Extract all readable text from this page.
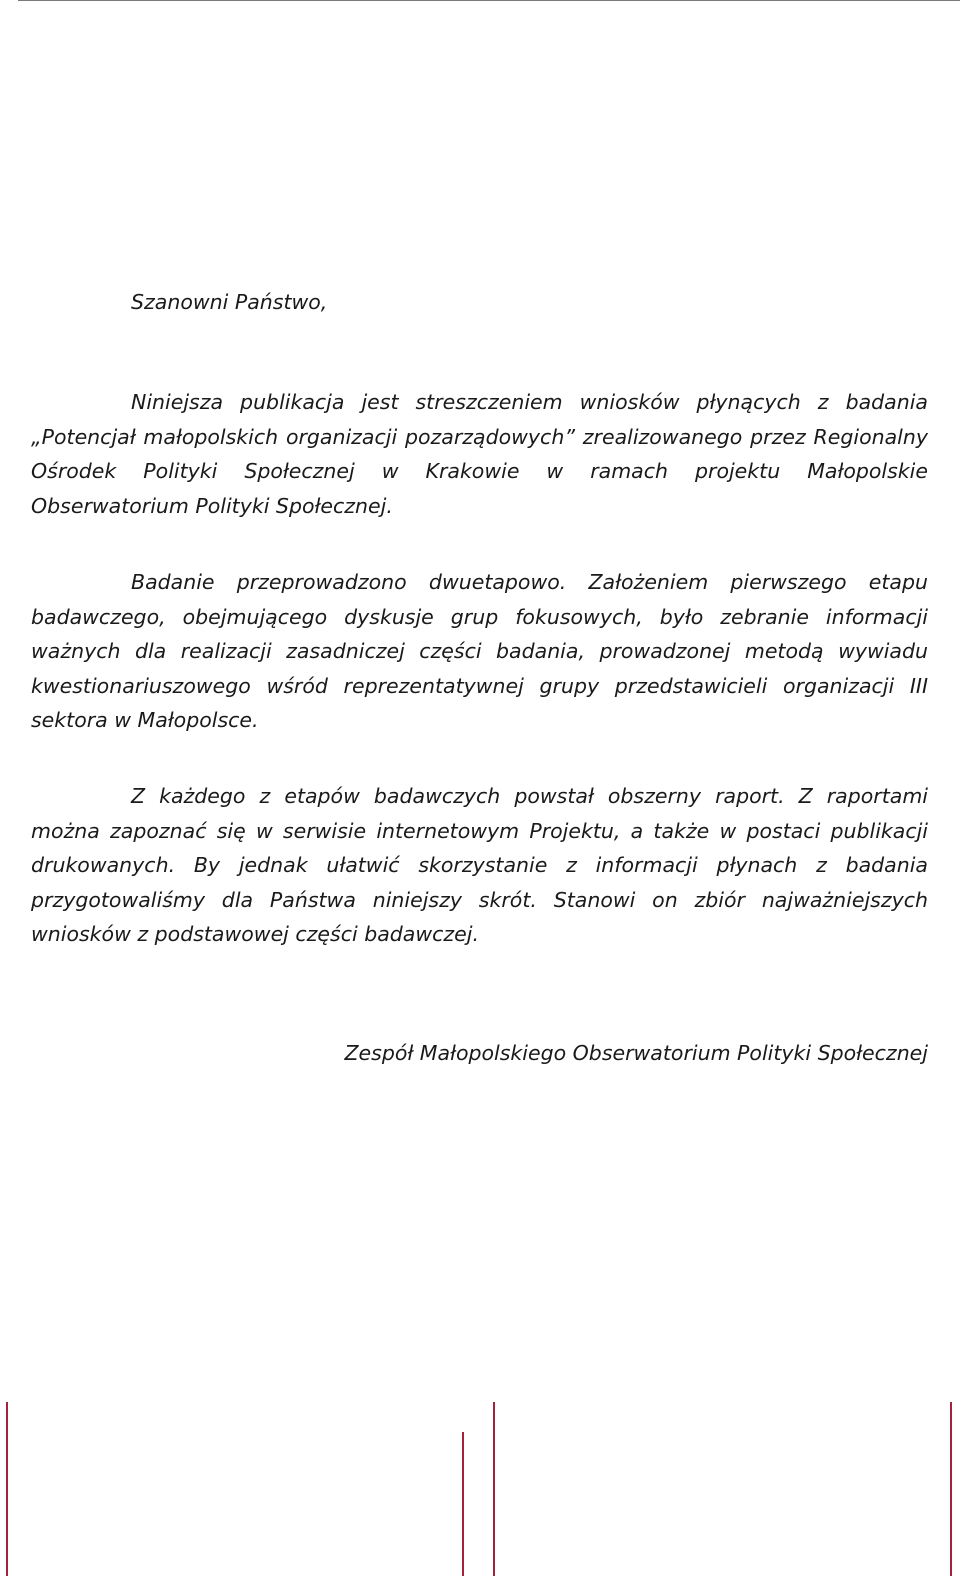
Szanowni Państwo,

Niniejsza publikacja jest streszczeniem wniosków płynących z badania „Potencjał małopolskich organizacji pozarządowych” zrealizowanego przez Regionalny Ośrodek Polityki Społecznej w Krakowie w ramach projektu Małopolskie Obserwatorium Polityki Społecznej.

Badanie przeprowadzono dwuetapowo. Założeniem pierwszego etapu badawczego, obejmującego dyskusje grup fokusowych, było zebranie informacji ważnych dla realizacji zasadniczej części badania, prowadzonej metodą wywiadu kwestionariuszowego wśród reprezentatywnej grupy przedstawicieli organizacji III sektora w Małopolsce.

Z każdego z etapów badawczych powstał obszerny raport. Z raportami można zapoznać się w serwisie internetowym Projektu, a także w postaci publikacji drukowanych. By jednak ułatwić skorzystanie z informacji płynach z badania przygotowaliśmy dla Państwa niniejszy skrót. Stanowi on zbiór najważniejszych wniosków z podstawowej części badawczej.

Zespół Małopolskiego Obserwatorium Polityki Społecznej
